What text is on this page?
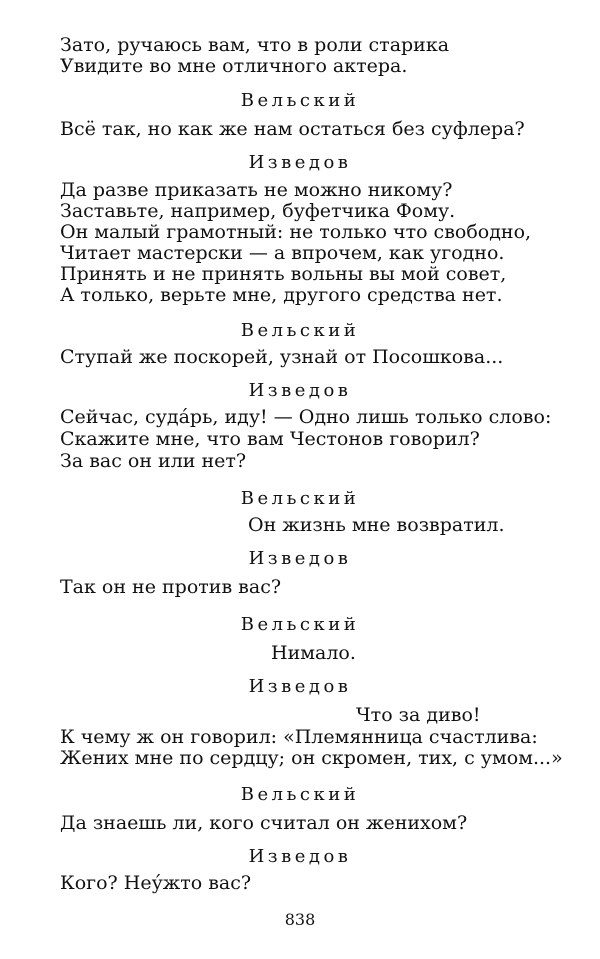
Зато, ручаюсь вам, что в роли старика
Увидите во мне отличного актера.
Вельский
Всё так, но как же нам остаться без суфлера?
Изведов
Да разве приказать не можно никому?
Заставьте, например, буфетчика Фому.
Он малый грамотный: не только что свободно,
Читает мастерски — а впрочем, как угодно.
Принять и не принять вольны вы мой совет,
А только, верьте мне, другого средства нет.
Вельский
Ступай же поскорей, узнай от Посошкова...
Изведов
Сейчас, судáрь, иду! — Одно лишь только слово:
Скажите мне, что вам Честонов говорил?
За вас он или нет?
Вельский
Он жизнь мне возвратил.
Изведов
Так он не против вас?
Вельский
Нимало.
Изведов
Что за диво!
К чему ж он говорил: «Племянница счастлива:
Жених мне по сердцу; он скромен, тих, с умом...»
Вельский
Да знаешь ли, кого считал он женихом?
Изведов
Кого? Неу́жто вас?
838
